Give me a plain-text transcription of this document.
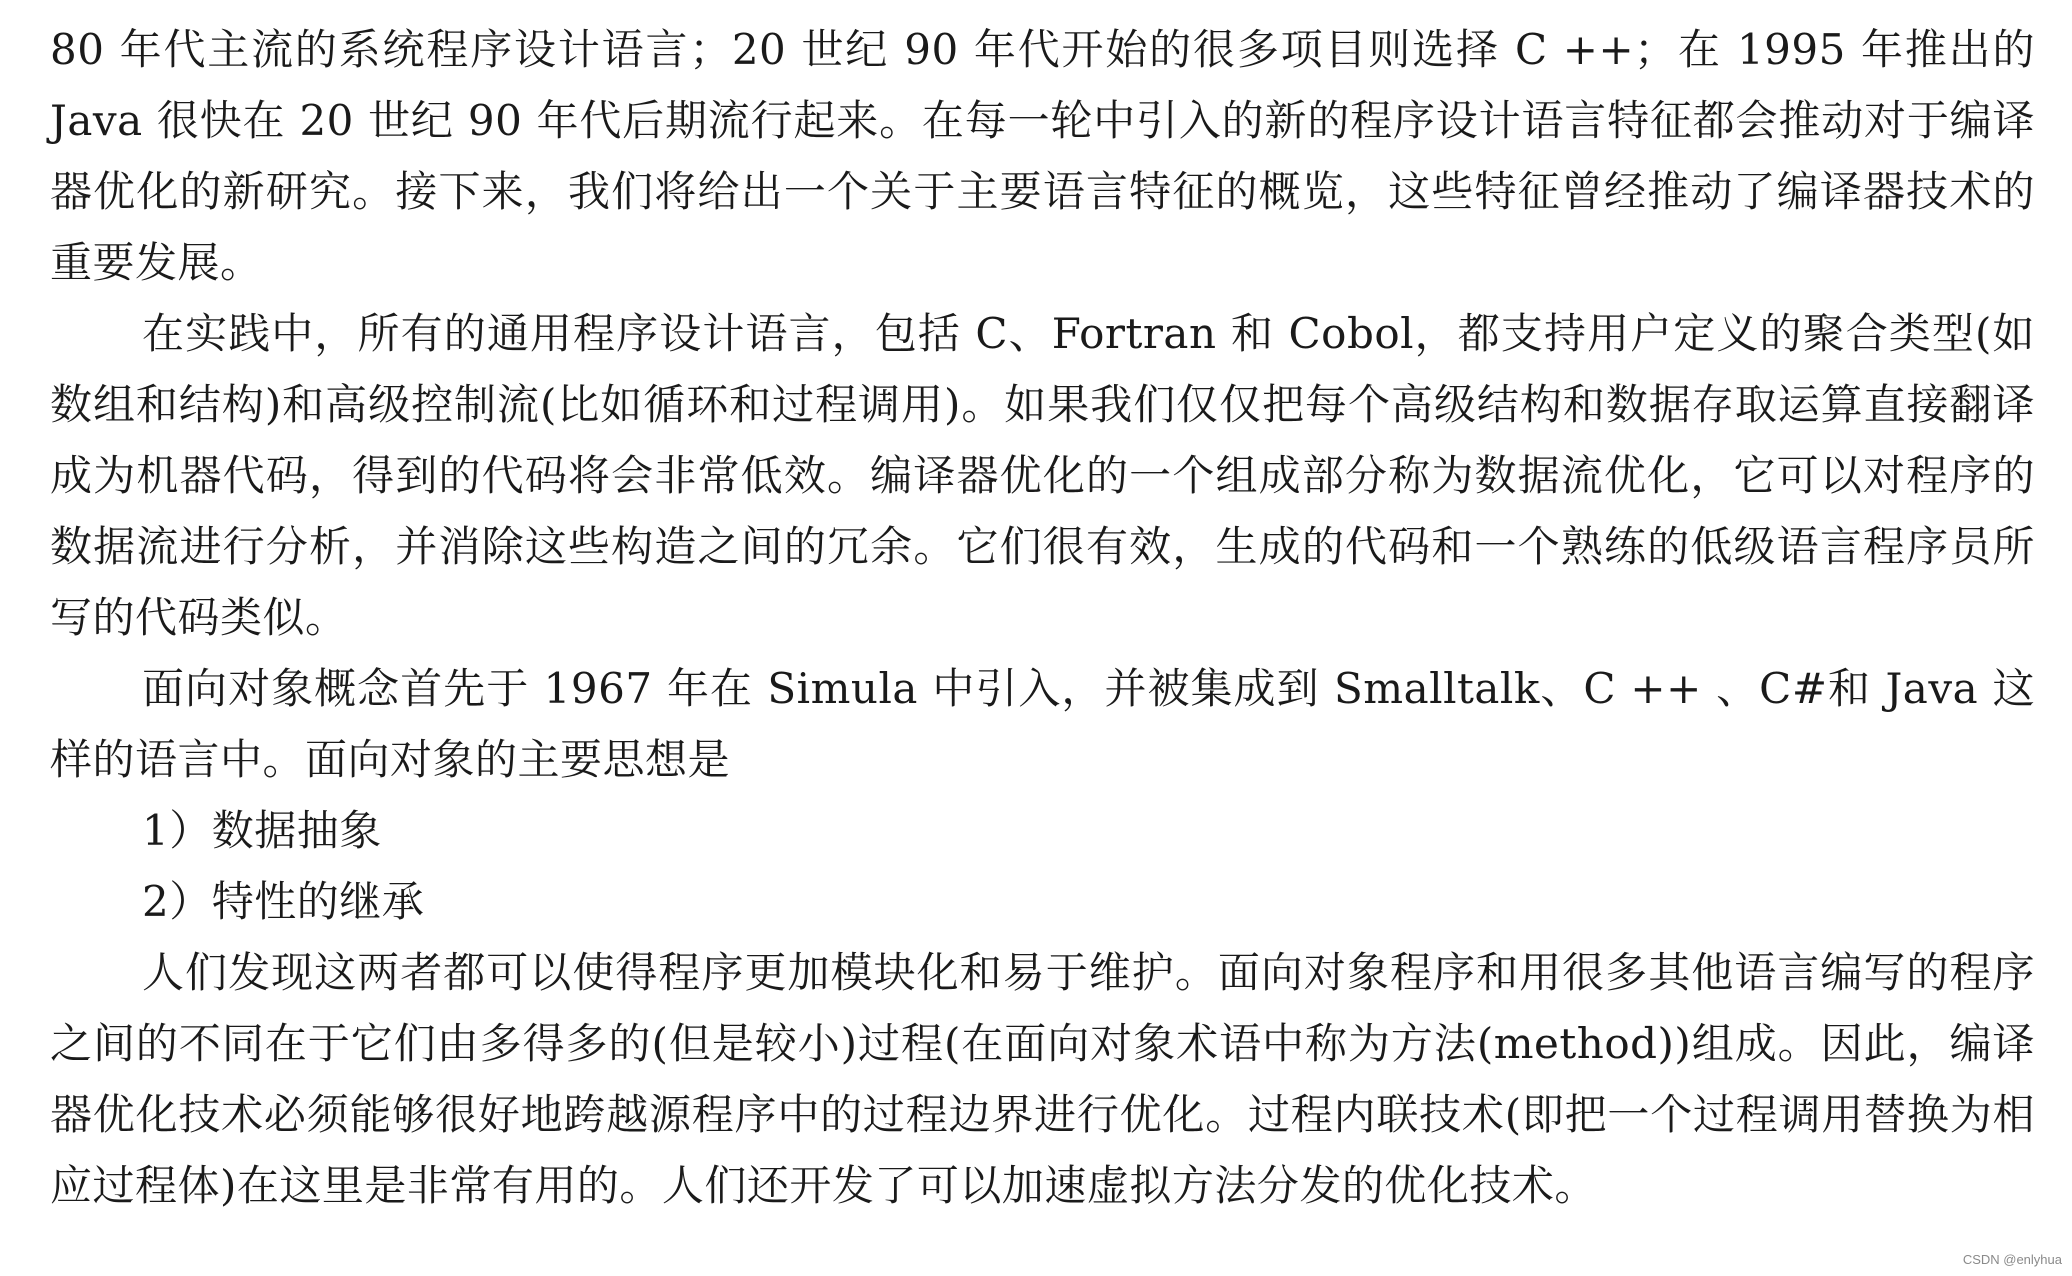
80 年代主流的系统程序设计语言；20 世纪 90 年代开始的很多项目则选择 C ++；在 1995 年推出的 Java 很快在 20 世纪 90 年代后期流行起来。在每一轮中引入的新的程序设计语言特征都会推动对于编译器优化的新研究。接下来，我们将给出一个关于主要语言特征的概览，这些特征曾经推动了编译器技术的重要发展。

在实践中，所有的通用程序设计语言，包括 C、Fortran 和 Cobol，都支持用户定义的聚合类型(如数组和结构)和高级控制流(比如循环和过程调用)。如果我们仅仅把每个高级结构和数据存取运算直接翻译成为机器代码，得到的代码将会非常低效。编译器优化的一个组成部分称为数据流优化，它可以对程序的数据流进行分析，并消除这些构造之间的冗余。它们很有效，生成的代码和一个熟练的低级语言程序员所写的代码类似。

面向对象概念首先于 1967 年在 Simula 中引入，并被集成到 Smalltalk、C ++ 、C#和 Java 这样的语言中。面向对象的主要思想是

1）数据抽象

2）特性的继承

人们发现这两者都可以使得程序更加模块化和易于维护。面向对象程序和用很多其他语言编写的程序之间的不同在于它们由多得多的(但是较小)过程(在面向对象术语中称为方法(method))组成。因此，编译器优化技术必须能够很好地跨越源程序中的过程边界进行优化。过程内联技术(即把一个过程调用替换为相应过程体)在这里是非常有用的。人们还开发了可以加速虚拟方法分发的优化技术。

CSDN @enlyhua
